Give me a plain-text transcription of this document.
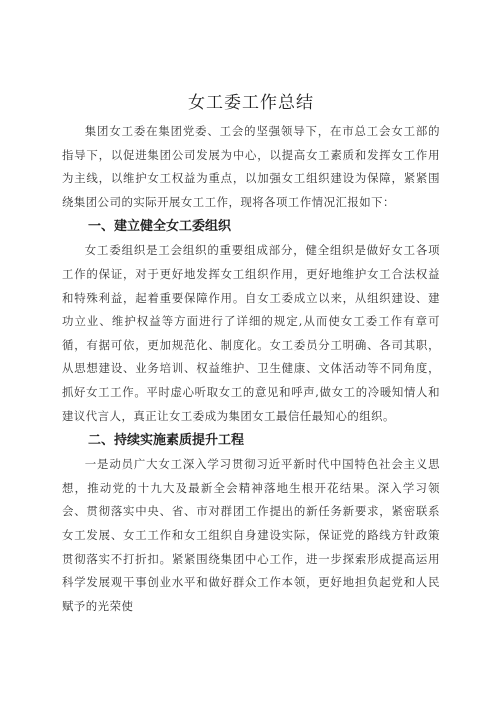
女工委工作总结

集团女工委在集团党委、工会的坚强领导下，在市总工会女工部的指导下，以促进集团公司发展为中心，以提高女工素质和发挥女工作用为主线，以维护女工权益为重点，以加强女工组织建设为保障，紧紧围绕集团公司的实际开展女工工作，现将各项工作情况汇报如下：

一、建立健全女工委组织

女工委组织是工会组织的重要组成部分，健全组织是做好女工各项工作的保证，对于更好地发挥女工组织作用，更好地维护女工合法权益和特殊利益，起着重要保障作用。自女工委成立以来，从组织建设、建功立业、维护权益等方面进行了详细的规定,从而使女工委工作有章可循，有据可依，更加规范化、制度化。女工委员分工明确、各司其职，从思想建设、业务培训、权益维护、卫生健康、文体活动等不同角度，抓好女工工作。平时虚心听取女工的意见和呼声,做女工的冷暖知情人和建议代言人，真正让女工委成为集团女工最信任最知心的组织。

二、持续实施素质提升工程

一是动员广大女工深入学习贯彻习近平新时代中国特色社会主义思想，推动党的十九大及最新全会精神落地生根开花结果。深入学习领会、贯彻落实中央、省、市对群团工作提出的新任务新要求，紧密联系女工发展、女工工作和女工组织自身建设实际，保证党的路线方针政策贯彻落实不打折扣。紧紧围绕集团中心工作，进一步探索形成提高运用科学发展观干事创业水平和做好群众工作本领，更好地担负起党和人民赋予的光荣使
